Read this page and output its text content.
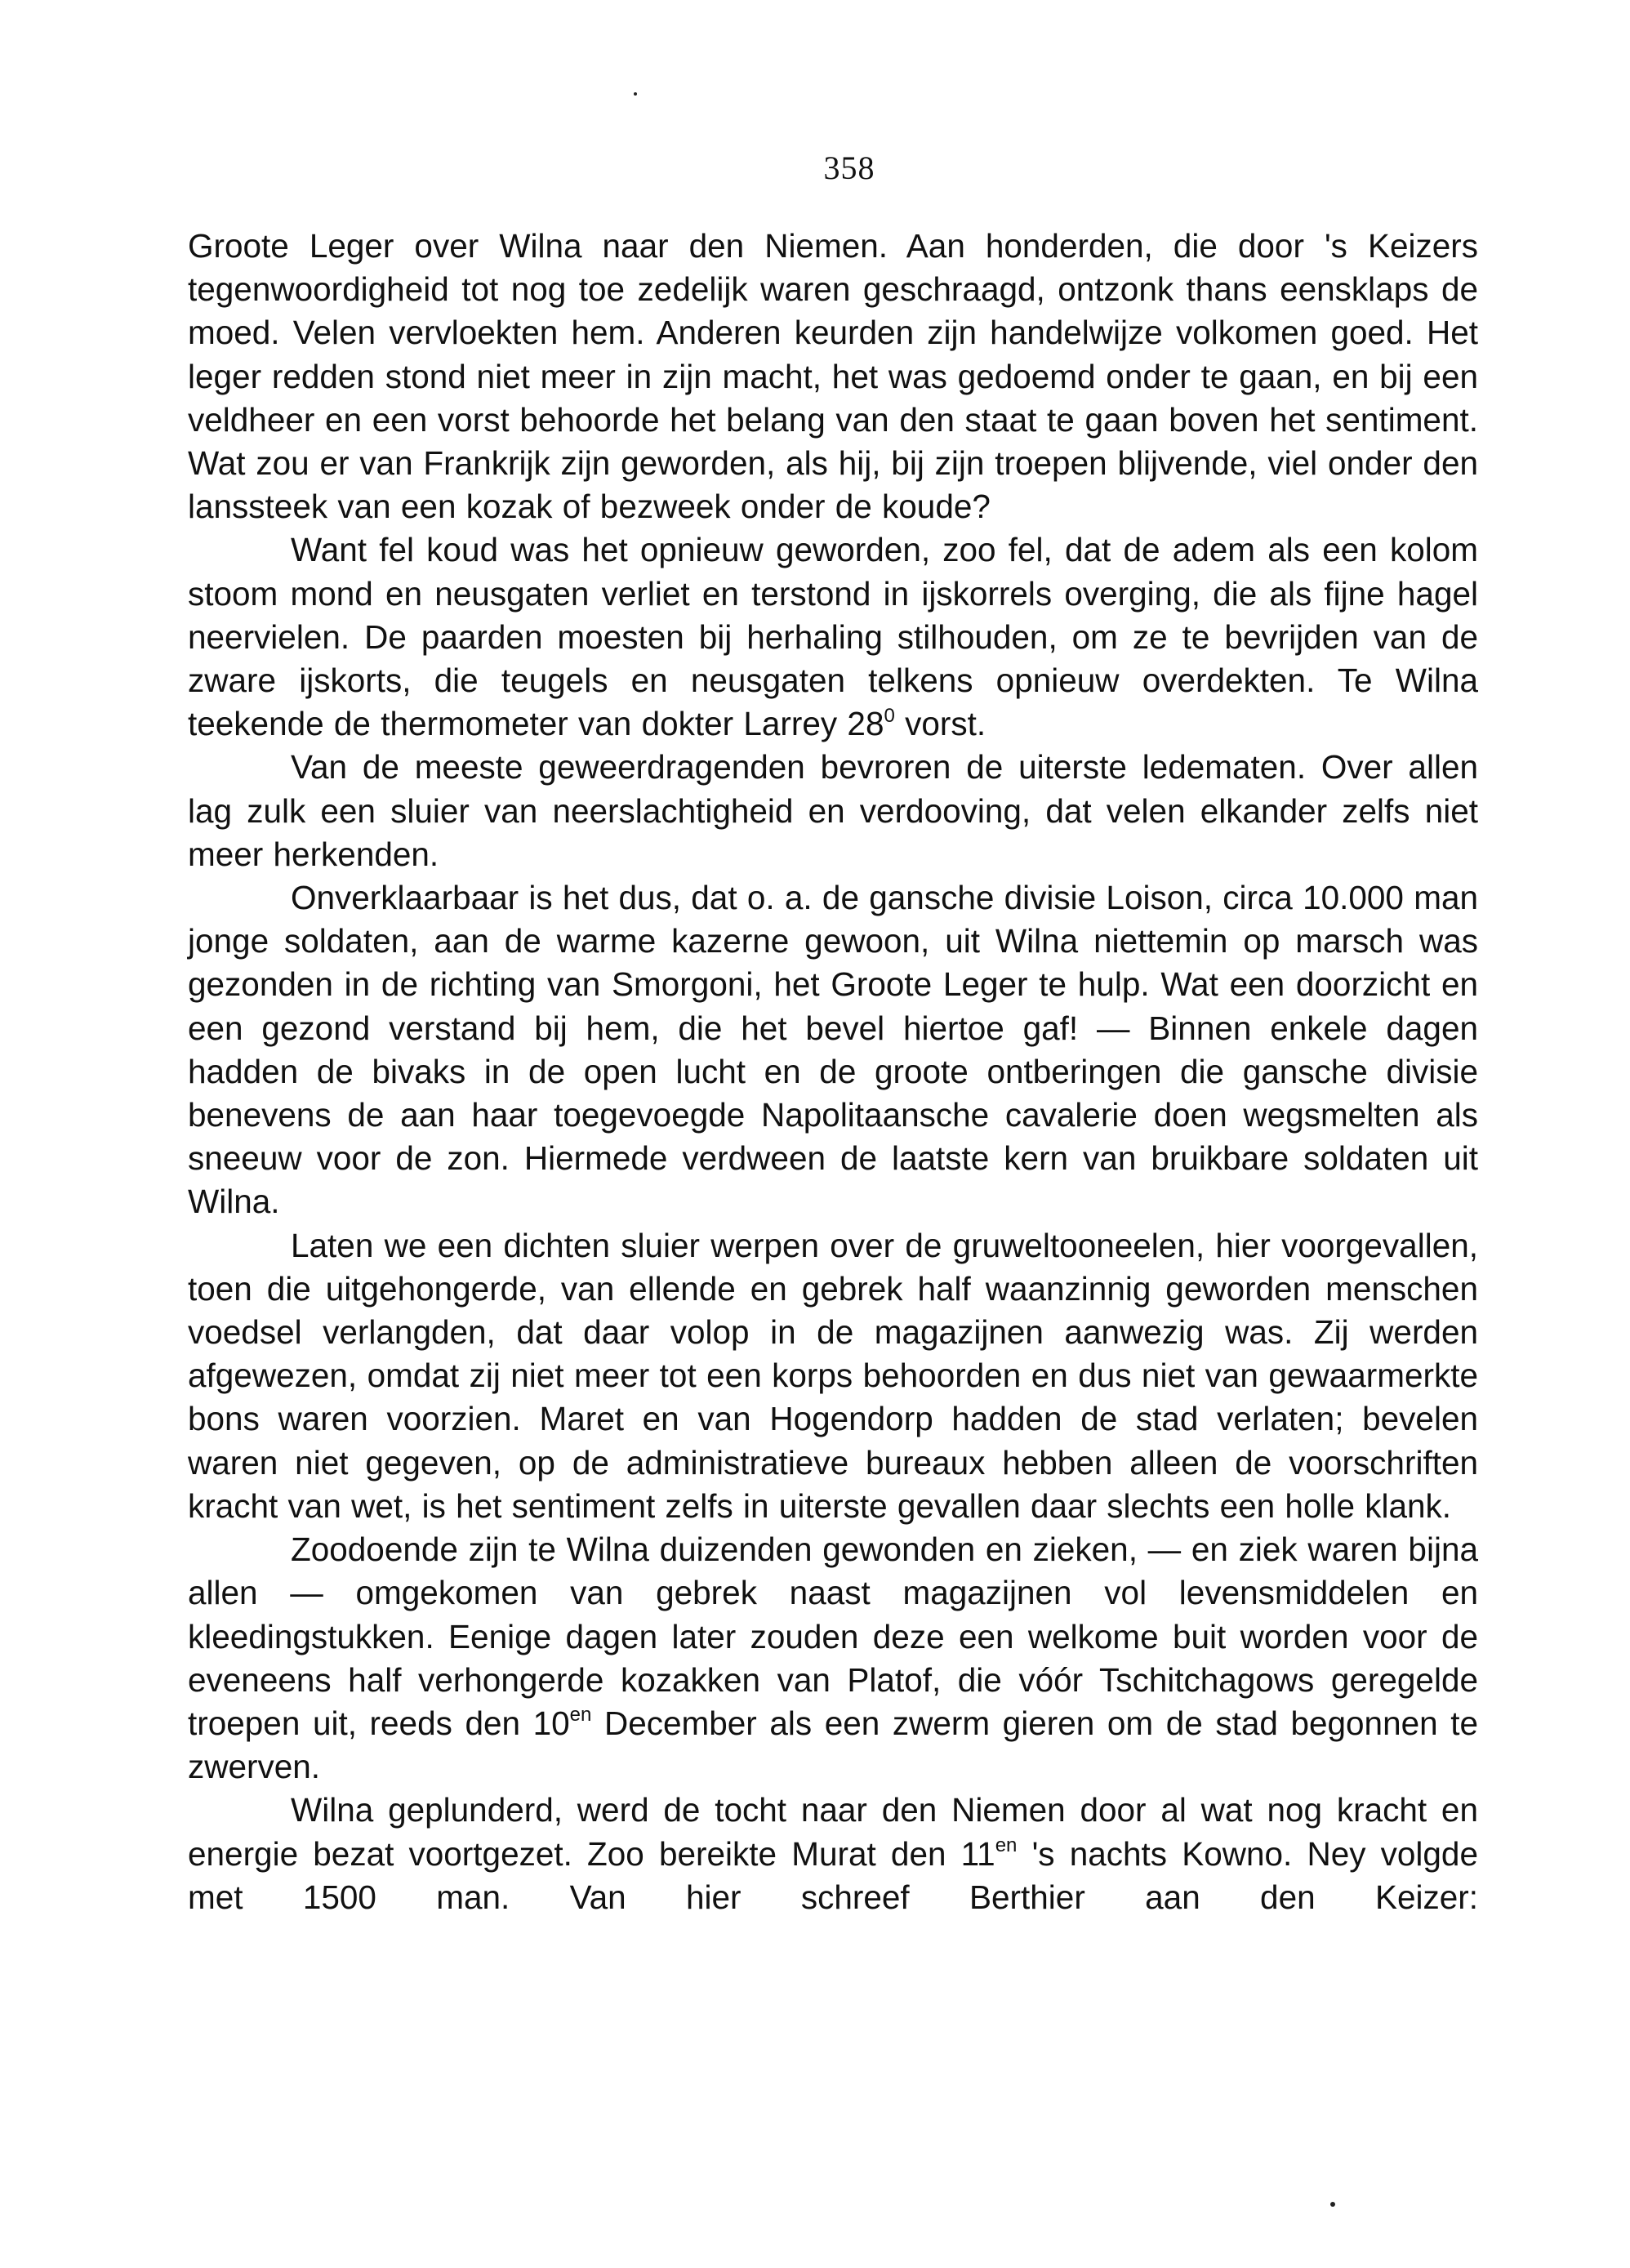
358

Groote Leger over Wilna naar den Niemen. Aan honderden, die door 's Keizers tegenwoordigheid tot nog toe zedelijk waren geschraagd, ontzonk thans eensklaps de moed. Velen vervloekten hem. Anderen keurden zijn handelwijze volkomen goed. Het leger redden stond niet meer in zijn macht, het was gedoemd onder te gaan, en bij een veldheer en een vorst behoorde het belang van den staat te gaan boven het sentiment. Wat zou er van Frankrijk zijn geworden, als hij, bij zijn troepen blijvende, viel onder den lanssteek van een kozak of bezweek onder de koude?

Want fel koud was het opnieuw geworden, zoo fel, dat de adem als een kolom stoom mond en neusgaten verliet en terstond in ijskorrels overging, die als fijne hagel neervielen. De paarden moesten bij herhaling stilhouden, om ze te bevrijden van de zware ijskorts, die teugels en neusgaten telkens opnieuw overdekten. Te Wilna teekende de thermometer van dokter Larrey $28^0$ vorst.

Van de meeste geweerdragenden bevroren de uiterste ledematen. Over allen lag zulk een sluier van neerslachtigheid en verdooving, dat velen elkander zelfs niet meer herkenden.

Onverklaarbaar is het dus, dat o. a. de gansche divisie Loison, circa 10.000 man jonge soldaten, aan de warme kazerne gewoon, uit Wilna niettemin op marsch was gezonden in de richting van Smorgoni, het Groote Leger te hulp. Wat een doorzicht en een gezond verstand bij hem, die het bevel hiertoe gaf! — Binnen enkele dagen hadden de bivaks in de open lucht en de groote ontberingen die gansche divisie benevens de aan haar toegevoegde Napolitaansche cavalerie doen wegsmelten als sneeuw voor de zon. Hiermede verdween de laatste kern van bruikbare soldaten uit Wilna.

Laten we een dichten sluier werpen over de gruweltooneelen, hier voorgevallen, toen die uitgehongerde, van ellende en gebrek half waanzinnig geworden menschen voedsel verlangden, dat daar volop in de magazijnen aanwezig was. Zij werden afgewezen, omdat zij niet meer tot een korps behoorden en dus niet van gewaarmerkte bons waren voorzien. Maret en van Hogendorp hadden de stad verlaten; bevelen waren niet gegeven, op de administratieve bureaux hebben alleen de voorschriften kracht van wet, is het sentiment zelfs in uiterste gevallen daar slechts een holle klank.

Zoodoende zijn te Wilna duizenden gewonden en zieken, — en ziek waren bijna allen — omgekomen van gebrek naast magazijnen vol levensmiddelen en kleedingstukken. Eenige dagen later zouden deze een welkome buit worden voor de eveneens half verhongerde kozakken van Platof, die vóór Tschitchagows geregelde troepen uit, reeds den $10^{en}$ December als een zwerm gieren om de stad begonnen te zwerven.

Wilna geplunderd, werd de tocht naar den Niemen door al wat nog kracht en energie bezat voortgezet. Zoo bereikte Murat den $11^{en}$ 's nachts Kowno. Ney volgde met 1500 man. Van hier schreef Berthier aan den Keizer:
